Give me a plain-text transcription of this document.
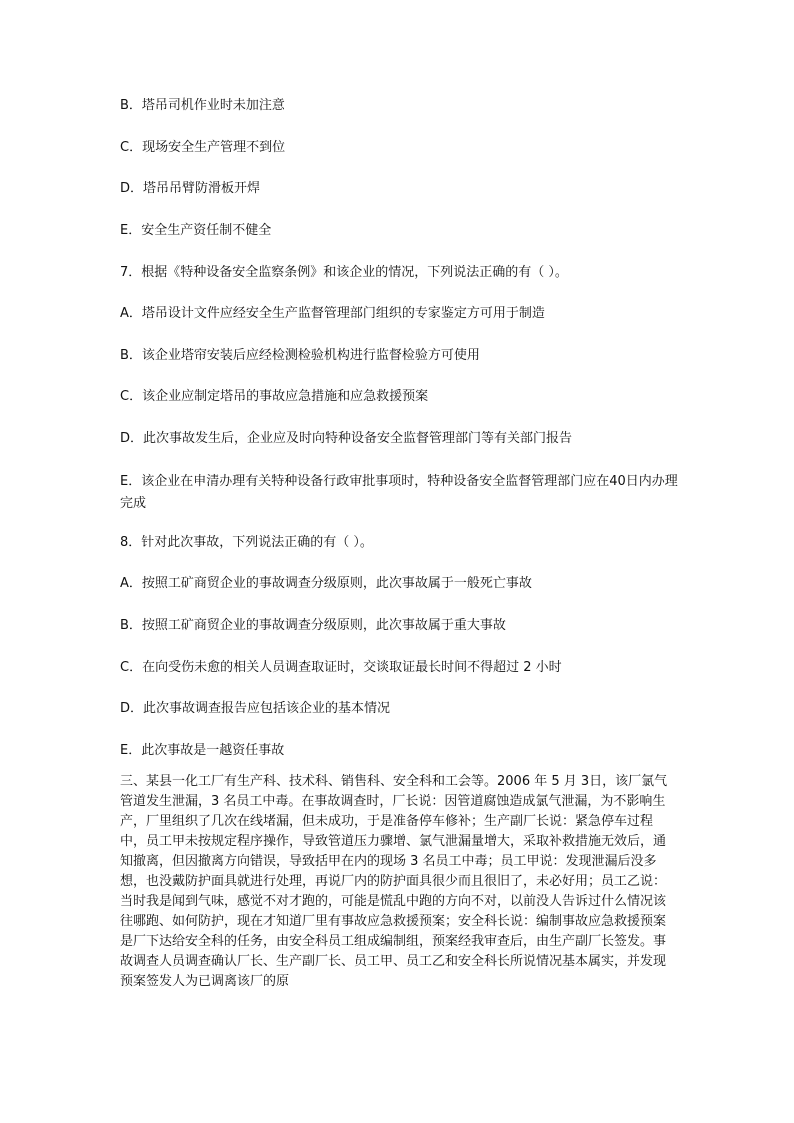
B．塔吊司机作业时未加注意
C．现场安全生产管理不到位
D．塔吊吊臂防滑板开焊
E．安全生产资任制不健全
7．根据《特种设备安全监察条例》和该企业的情况，下列说法正确的有（ ）。
A．塔吊设计文件应经安全生产监督管理部门组织的专家鉴定方可用于制造
B．该企业塔帘安装后应经检测检验机构进行监督检验方可使用
C．该企业应制定塔吊的事故应急措施和应急救援预案
D．此次事故发生后，企业应及时向特种设备安全监督管理部门等有关部门报告
E．该企业在申清办理有关特种设备行政审批事项时，特种设备安全监督管理部门应在40日内办理完成
8．针对此次事故，下列说法正确的有（ ）。
A．按照工矿商贸企业的事故调查分级原则，此次事故属于一般死亡事故
B．按照工矿商贸企业的事故调查分级原则，此次事故属于重大事故
C．在向受伤未愈的相关人员调查取证时，交谈取证最长时间不得超过 2 小时
D．此次事故调查报告应包括该企业的基本情况
E．此次事故是一越资任事故
三、某县一化工厂有生产科、技术科、销售科、安全科和工会等。2006 年 5 月 3日，该厂氯气管道发生泄漏，3 名员工中毒。在事故调查时，厂长说：因管道腐蚀造成氯气泄漏，为不影响生产，厂里组织了几次在线堵漏，但未成功，于是准备停车修补；生产副厂长说：紧急停车过程中，员工甲未按规定程序操作，导致管道压力骤增、氯气泄漏量增大，采取补救措施无效后，通知撤离，但因撤离方向错误，导致括甲在内的现场 3 名员工中毒；员工甲说：发现泄漏后没多想，也没戴防护面具就进行处理，再说厂内的防护面具很少而且很旧了，未必好用；员工乙说：当时我是闻到气味，感觉不对才跑的，可能是慌乱中跑的方向不对，以前没人告诉过什么情况该往哪跑、如何防护，现在才知道厂里有事故应急救援预案；安全科长说：编制事故应急救援预案是厂下达给安全科的任务，由安全科员工组成编制组，预案经我审查后，由生产副厂长签发。事故调查人员调查确认厂长、生产副厂长、员工甲、员工乙和安全科长所说情况基本属实，并发现预案签发人为已调离该厂的原
